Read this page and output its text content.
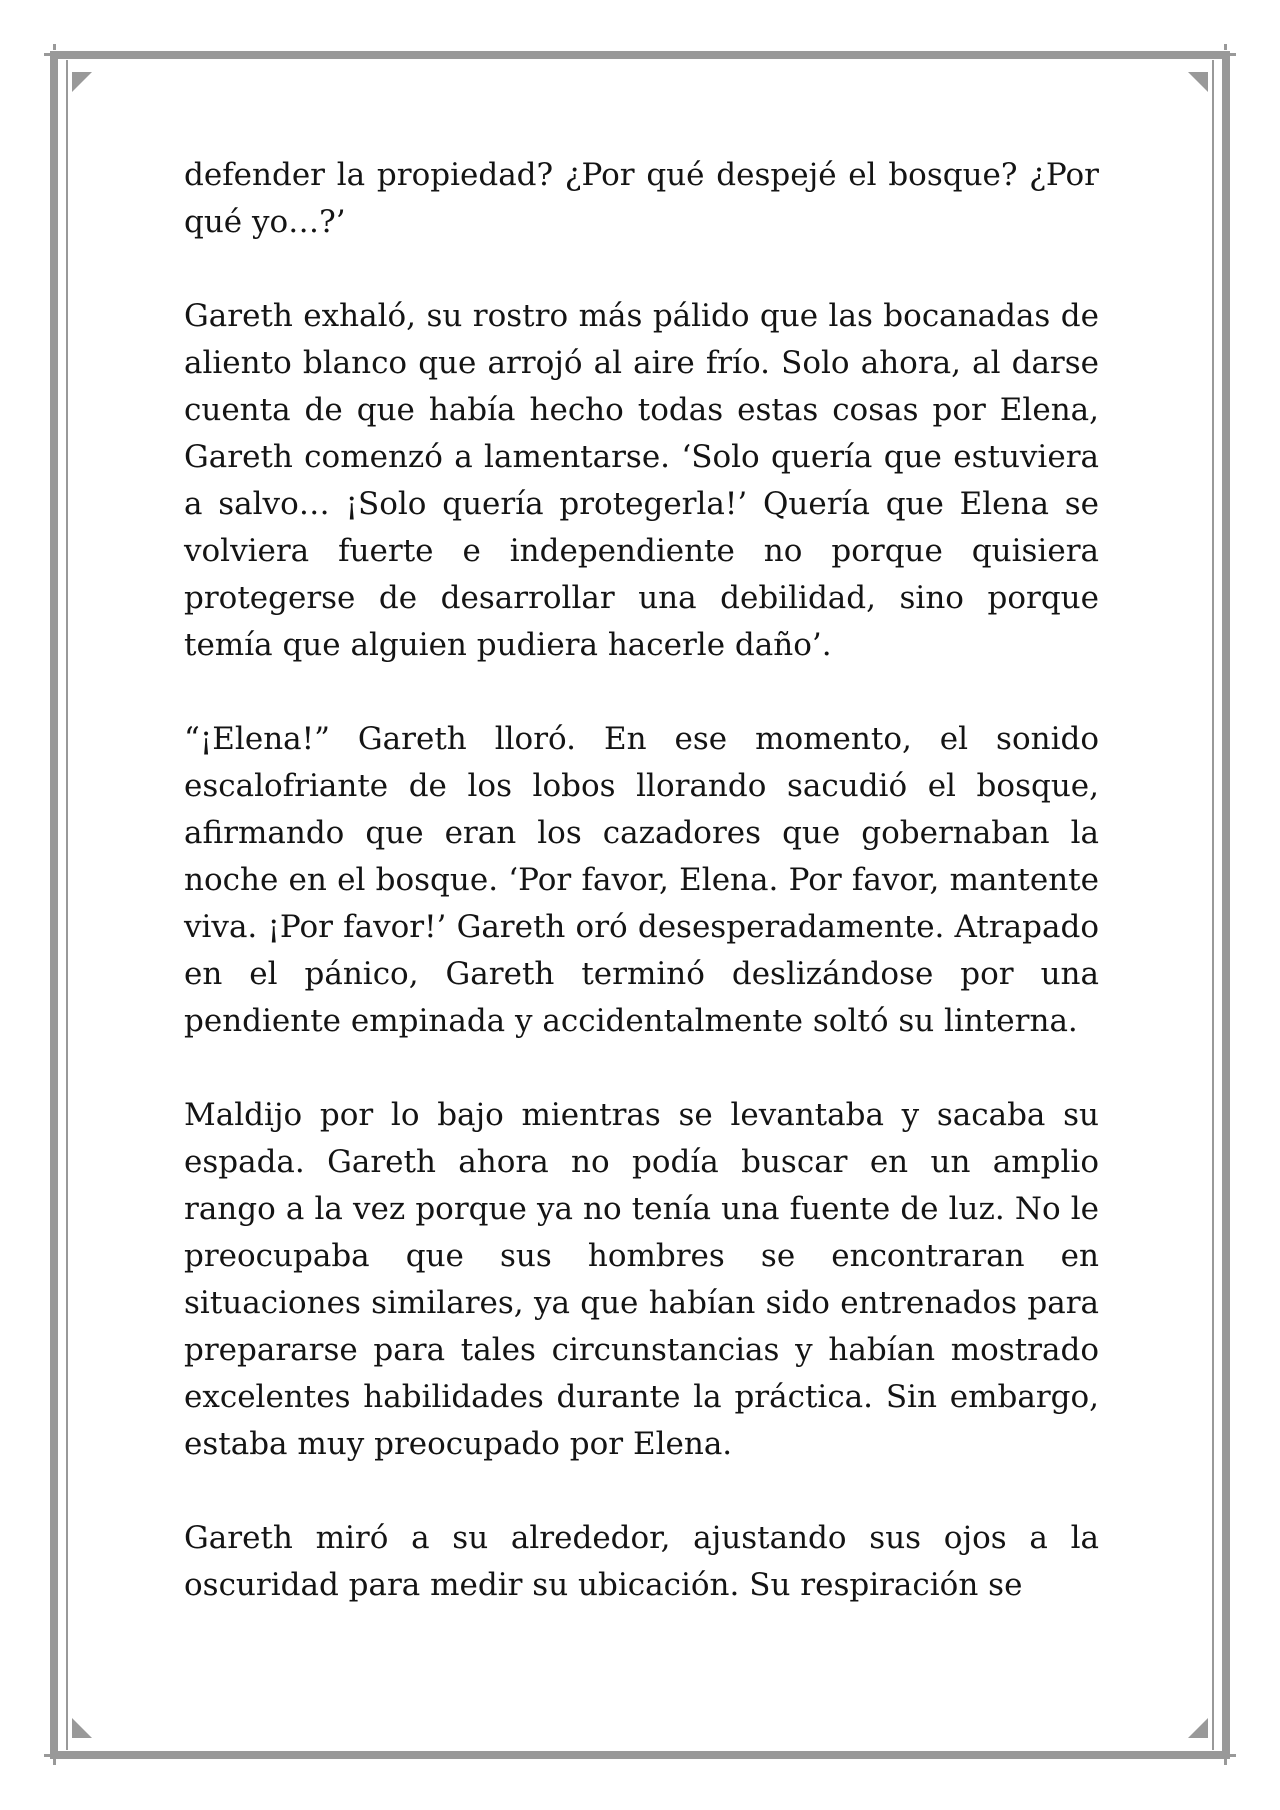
defender la propiedad? ¿Por qué despejé el bosque? ¿Por qué yo…?’

Gareth exhaló, su rostro más pálido que las bocanadas de aliento blanco que arrojó al aire frío. Solo ahora, al darse cuenta de que había hecho todas estas cosas por Elena, Gareth comenzó a lamentarse. ‘Solo quería que estuviera a salvo… ¡Solo quería protegerla!’ Quería que Elena se volviera fuerte e independiente no porque quisiera protegerse de desarrollar una debilidad, sino porque temía que alguien pudiera hacerle daño’.

“¡Elena!” Gareth lloró. En ese momento, el sonido escalofriante de los lobos llorando sacudió el bosque, afirmando que eran los cazadores que gobernaban la noche en el bosque. ‘Por favor, Elena. Por favor, mantente viva. ¡Por favor!’ Gareth oró desesperadamente. Atrapado en el pánico, Gareth terminó deslizándose por una pendiente empinada y accidentalmente soltó su linterna.

Maldijo por lo bajo mientras se levantaba y sacaba su espada. Gareth ahora no podía buscar en un amplio rango a la vez porque ya no tenía una fuente de luz. No le preocupaba que sus hombres se encontraran en situaciones similares, ya que habían sido entrenados para prepararse para tales circunstancias y habían mostrado excelentes habilidades durante la práctica. Sin embargo, estaba muy preocupado por Elena.

Gareth miró a su alrededor, ajustando sus ojos a la oscuridad para medir su ubicación. Su respiración se
